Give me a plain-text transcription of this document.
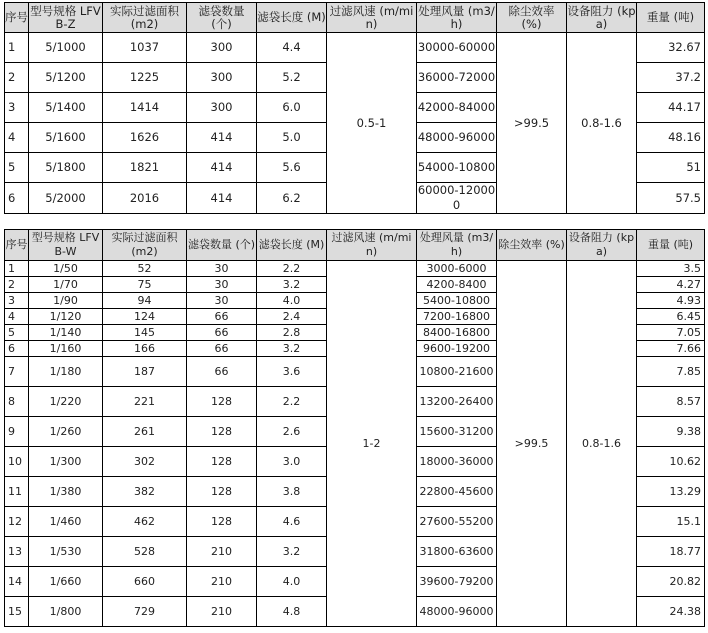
序号	型号规格 LFVB-Z	实际过滤面积 (m2)	滤袋数量 (个)	滤袋长度 (M)	过滤风速 (m/min)	处理风量 (m3/h)	除尘效率 (%)	设备阻力 (kpa)	重量 (吨)
1	5/1000	1037	300	4.4	0.5-1	30000-60000	>99.5	0.8-1.6	32.67
2	5/1200	1225	300	5.2		36000-72000			37.2
3	5/1400	1414	300	6.0		42000-84000			44.17
4	5/1600	1626	414	5.0		48000-96000			48.16
5	5/1800	1821	414	5.6		54000-10800			51
6	5/2000	2016	414	6.2		60000-120000			57.5
序号	型号规格 LFVB-W	实际过滤面积 (m2)	滤袋数量 (个)	滤袋长度 (M)	过滤风速 (m/min)	处理风量 (m3/h)	除尘效率 (%)	设备阻力 (kpa)	重量 (吨)
1	1/50	52	30	2.2	1-2	3000-6000	>99.5	0.8-1.6	3.5
2	1/70	75	30	3.2		4200-8400			4.27
3	1/90	94	30	4.0		5400-10800			4.93
4	1/120	124	66	2.4		7200-16800			6.45
5	1/140	145	66	2.8		8400-16800			7.05
6	1/160	166	66	3.2		9600-19200			7.66
7	1/180	187	66	3.6		10800-21600			7.85
8	1/220	221	128	2.2		13200-26400			8.57
9	1/260	261	128	2.6		15600-31200			9.38
10	1/300	302	128	3.0		18000-36000			10.62
11	1/380	382	128	3.8		22800-45600			13.29
12	1/460	462	128	4.6		27600-55200			15.1
13	1/530	528	210	3.2		31800-63600			18.77
14	1/660	660	210	4.0		39600-79200			20.82
15	1/800	729	210	4.8		48000-96000			24.38
